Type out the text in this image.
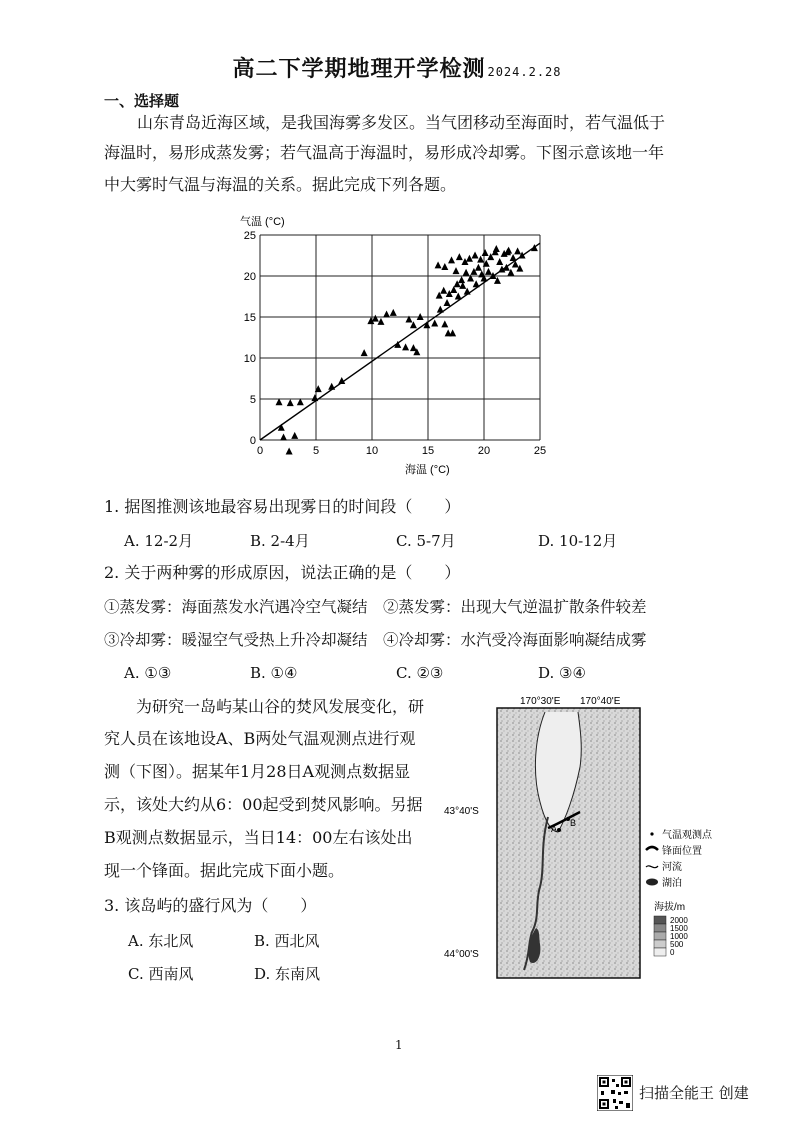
高二下学期地理开学检测 2024.2.28
一、选择题
山东青岛近海区域，是我国海雾多发区。当气团移动至海面时，若气温低于
海温时，易形成蒸发雾；若气温高于海温时，易形成冷却雾。下图示意该地一年
中大雾时气温与海温的关系。据此完成下列各题。
0	5	10	15	20	25
0
5
10
15
20
25
气温 (°C)
海温 (°C)
1. 据图推测该地最容易出现雾日的时间段（　　）
A. 12-2月	B. 2-4月	C. 5-7月	D. 10-12月
2. 关于两种雾的形成原因，说法正确的是（　　）
①蒸发雾：海面蒸发水汽遇冷空气凝结　②蒸发雾：出现大气逆温扩散条件较差
③冷却雾：暖湿空气受热上升冷却凝结　④冷却雾：水汽受冷海面影响凝结成雾
A. ①③	B. ①④	C. ②③	D. ③④
为研究一岛屿某山谷的焚风发展变化，研
究人员在该地设A、B两处气温观测点进行观
测（下图）。据某年1月28日A观测点数据显
示，该处大约从6：00起受到焚风影响。另据
B观测点数据显示，当日14：00左右该处出
现一个锋面。据此完成下面小题。
3. 该岛屿的盛行风为（　　）
A. 东北风	B. 西北风
C. 西南风	D. 东南风
170°30'E 170°40'E
A
B
43°40'S
44°00'S
气温观测点
锋面位置
河流
湖泊
海拔/m
2000
1500
1000
500
0
1
扫描全能王 创建
